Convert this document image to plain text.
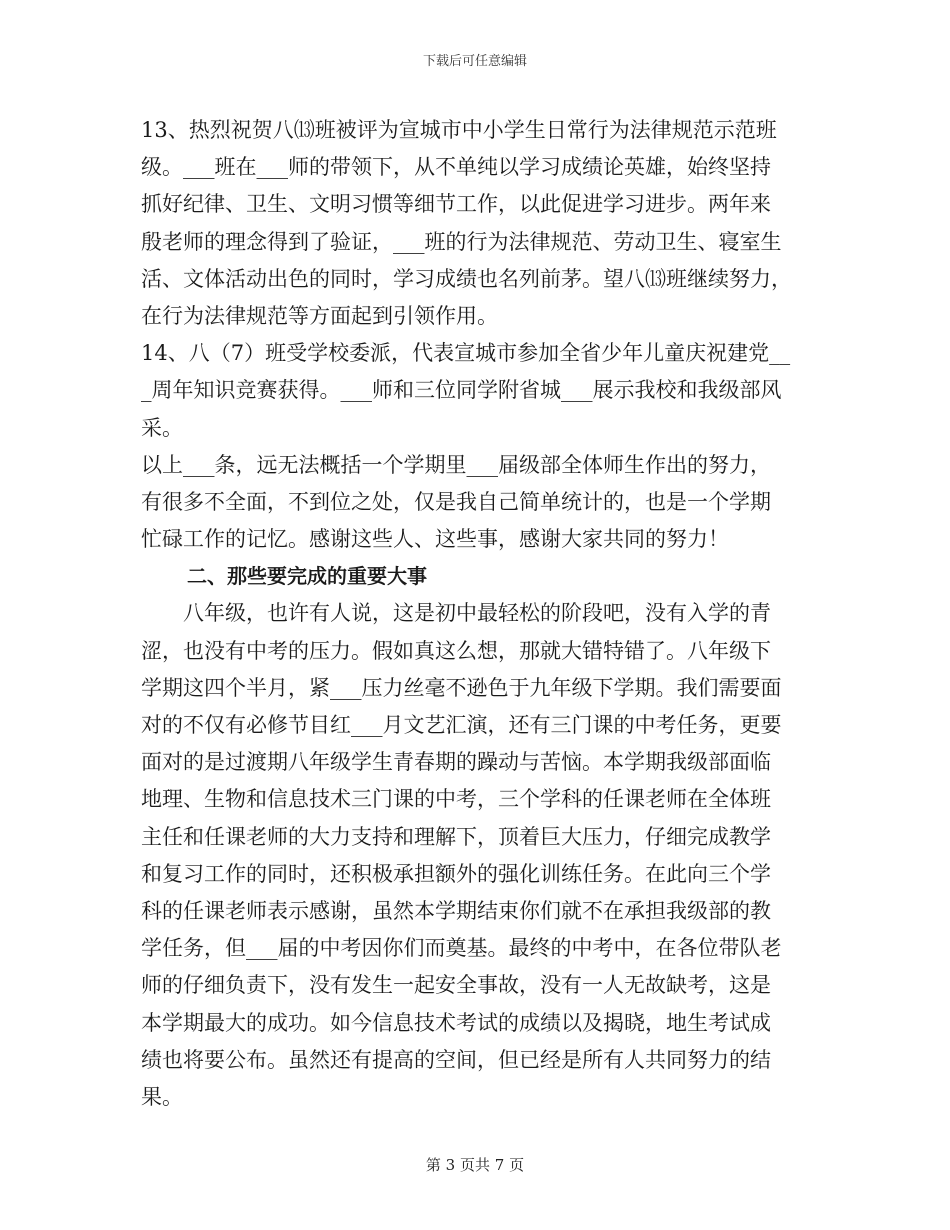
下载后可任意编辑
13、热烈祝贺八⒀班被评为宣城市中小学生日常行为法律规范示范班
级。___班在___师的带领下，从不单纯以学习成绩论英雄，始终坚持
抓好纪律、卫生、文明习惯等细节工作，以此促进学习进步。两年来
殷老师的理念得到了验证，___班的行为法律规范、劳动卫生、寝室生
活、文体活动出色的同时，学习成绩也名列前茅。望八⒀班继续努力，
在行为法律规范等方面起到引领作用。
14、八（7）班受学校委派，代表宣城市参加全省少年儿童庆祝建党__
_周年知识竞赛获得。___师和三位同学附省城___展示我校和我级部风
采。
以上___条，远无法概括一个学期里___届级部全体师生作出的努力，
有很多不全面，不到位之处，仅是我自己简单统计的，也是一个学期
忙碌工作的记忆。感谢这些人、这些事，感谢大家共同的努力！
二、那些要完成的重要大事
八年级，也许有人说，这是初中最轻松的阶段吧，没有入学的青
涩，也没有中考的压力。假如真这么想，那就大错特错了。八年级下
学期这四个半月，紧___压力丝毫不逊色于九年级下学期。我们需要面
对的不仅有必修节目红___月文艺汇演，还有三门课的中考任务，更要
面对的是过渡期八年级学生青春期的躁动与苦恼。本学期我级部面临
地理、生物和信息技术三门课的中考，三个学科的任课老师在全体班
主任和任课老师的大力支持和理解下，顶着巨大压力，仔细完成教学
和复习工作的同时，还积极承担额外的强化训练任务。在此向三个学
科的任课老师表示感谢，虽然本学期结束你们就不在承担我级部的教
学任务，但___届的中考因你们而奠基。最终的中考中，在各位带队老
师的仔细负责下，没有发生一起安全事故，没有一人无故缺考，这是
本学期最大的成功。如今信息技术考试的成绩以及揭晓，地生考试成
绩也将要公布。虽然还有提高的空间，但已经是所有人共同努力的结
果。
第 3 页共 7 页
